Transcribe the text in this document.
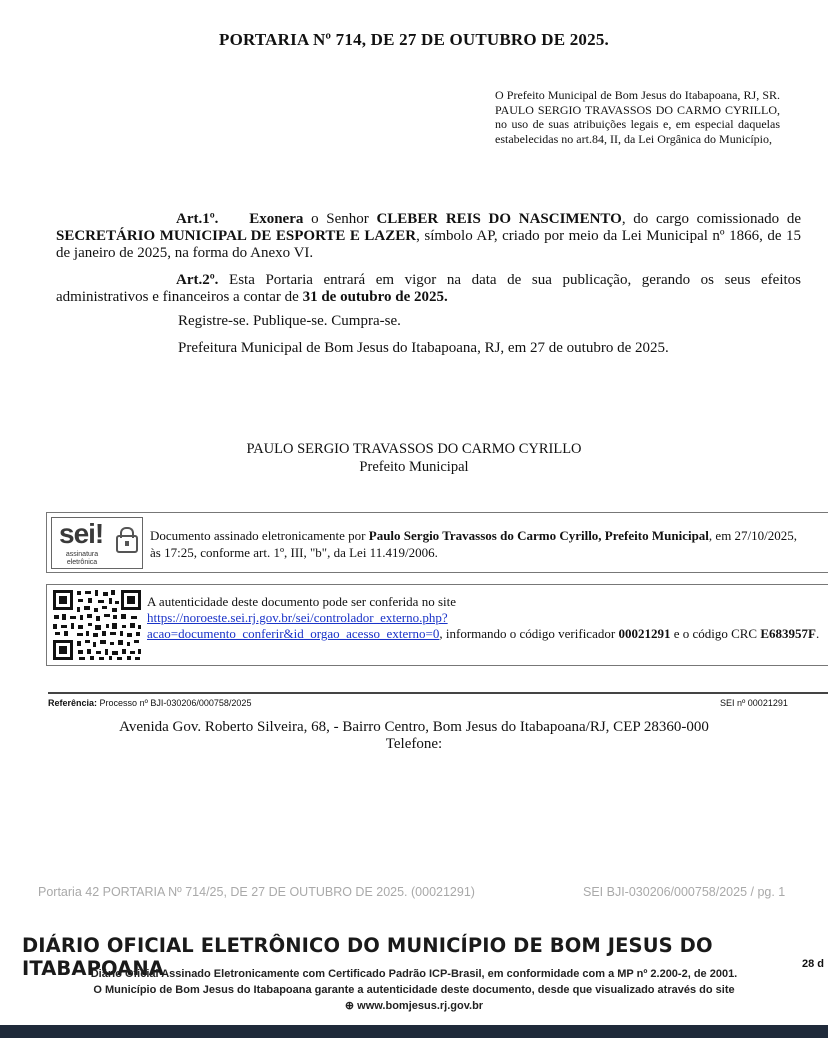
PORTARIA Nº 714, DE 27 DE OUTUBRO DE 2025.
O Prefeito Municipal de Bom Jesus do Itabapoana, RJ, SR. PAULO SERGIO TRAVASSOS DO CARMO CYRILLO, no uso de suas atribuições legais e, em especial daquelas estabelecidas no art.84, II, da Lei Orgânica do Município,

Art.1º. Exonera o Senhor CLEBER REIS DO NASCIMENTO, do cargo comissionado de SECRETÁRIO MUNICIPAL DE ESPORTE E LAZER, símbolo AP, criado por meio da Lei Municipal nº 1866, de 15 de janeiro de 2025, na forma do Anexo VI.

Art.2º. Esta Portaria entrará em vigor na data de sua publicação, gerando os seus efeitos administrativos e financeiros a contar de 31 de outubro de 2025.

Registre-se. Publique-se. Cumpra-se.
Prefeitura Municipal de Bom Jesus do Itabapoana, RJ, em 27 de outubro de 2025.
PAULO SERGIO TRAVASSOS DO CARMO CYRILLO
Prefeito Municipal
sei!
assinatura
eletrônica
Documento assinado eletronicamente por Paulo Sergio Travassos do Carmo Cyrillo, Prefeito Municipal, em 27/10/2025, às 17:25, conforme art. 1º, III, "b", da Lei 11.419/2006.
A autenticidade deste documento pode ser conferida no site
https://noroeste.sei.rj.gov.br/sei/controlador_externo.php?
acao=documento_conferir&id_orgao_acesso_externo=0, informando o código verificador 00021291 e o código CRC E683957F.
Referência: Processo nº BJI-030206/000758/2025	SEI nº 00021291
Avenida Gov. Roberto Silveira, 68, - Bairro Centro, Bom Jesus do Itabapoana/RJ, CEP 28360-000
Telefone:
Portaria 42 PORTARIA Nº 714/25, DE 27 DE OUTUBRO DE 2025. (00021291)	SEI BJI-030206/000758/2025 / pg. 1
DIÁRIO OFICIAL ELETRÔNICO DO MUNICÍPIO DE BOM JESUS DO ITABAPOANA	28 d
Diário Oficial Assinado Eletronicamente com Certificado Padrão ICP-Brasil, em conformidade com a MP nº 2.200-2, de 2001.
O Município de Bom Jesus do Itabapoana garante a autenticidade deste documento, desde que visualizado através do site
⊕ www.bomjesus.rj.gov.br
